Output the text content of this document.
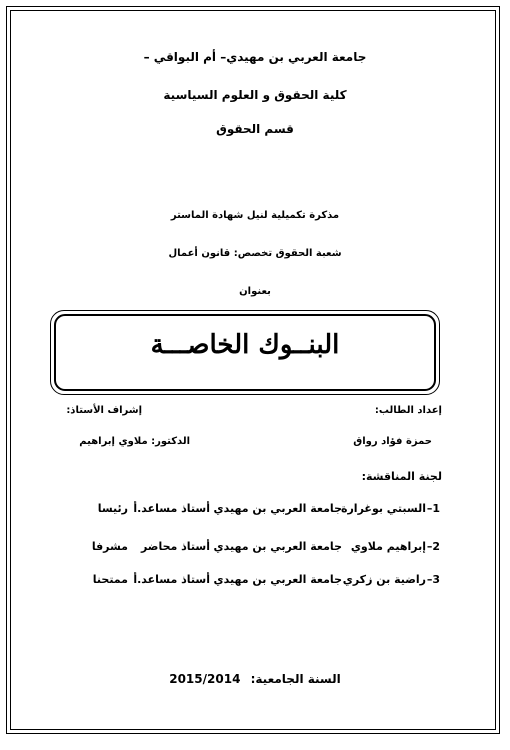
جامعة العربي بن مهيدي– أم البواقي –
كلية الحقوق و العلوم السياسية
قسم الحقوق
مذكرة تكميلية لنيل شهادة الماستر
شعبة الحقوق تخصص: قانون أعمال
بعنوان
البنــوك الخاصـــة
إعداد الطالب:
إشراف الأستاذ:
حمزة فؤاد رواق
الدكتور: ملاوي إبراهيم
لجنة المناقشة:
1–
السبتي بوغرارة
جامعة العربي بن مهيدي
أستاذ مساعد.أ
رئيسا
2–
إبراهيم ملاوي
جامعة العربي بن مهيدي
أستاذ محاضر
مشرفا
3–
راضية بن زكري
جامعة العربي بن مهيدي
أستاذ مساعد.أ
ممتحنا
السنة الجامعية: 2015/2014
